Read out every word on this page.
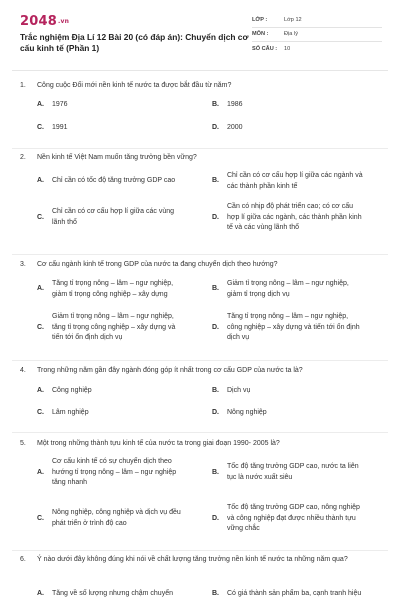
2048.vn
Trắc nghiệm Địa Lí 12 Bài 20 (có đáp án): Chuyển dịch cơ cấu kinh tế (Phần 1)
LỚP :	Lớp 12
MÔN :	Địa lý
SỐ CÂU :	10
1.	Công cuộc Đổi mới nền kinh tế nước ta được bắt đầu từ năm?
A. 1976	B. 1986
C. 1991	D. 2000
2.	Nền kinh tế Việt Nam muốn tăng trưởng bền vững?
A. Chỉ cần có tốc độ tăng trưởng GDP cao	B.
Chỉ cần có cơ cấu hợp lí giữa các ngành và
các thành phần kinh tế
C.
Chỉ cần có cơ cấu hợp lí giữa các vùng
lãnh thổ
D.
Cần có nhịp độ phát triển cao; có cơ cấu
hợp lí giữa các ngành, các thành phần kinh
tế và các vùng lãnh thổ
3.	Cơ cấu ngành kinh tế trong GDP của nước ta đang chuyển dịch theo hướng?
A.
Tăng tỉ trọng nông – lâm – ngư nghiệp,
giảm tỉ trọng công nghiệp – xây dựng
B.
Giảm tỉ trọng nông – lâm – ngư nghiệp,
giảm tỉ trọng dịch vụ
C.
Giảm tỉ trọng nông – lâm – ngư nghiệp,
tăng tỉ trọng công nghiệp – xây dựng và
tiến tới ổn định dịch vụ
D.
Tăng tỉ trọng nông – lâm – ngư nghiệp,
công nghiệp – xây dựng và tiến tới ổn định
dịch vụ
4.	Trong những năm gần đây ngành đóng góp ít nhất trong cơ cấu GDP của nước ta là?
A. Công nghiệp	B. Dịch vụ
C. Lâm nghiệp	D. Nông nghiệp
5.	Một trong những thành tựu kinh tế của nước ta trong giai đoạn 1990- 2005 là?
A.
Cơ cấu kinh tế có sự chuyển dịch theo
hướng tỉ trọng nông – lâm – ngư nghiệp
tăng nhanh
B.
Tốc độ tăng trưởng GDP cao, nước ta liên
tục là nước xuất siêu
C.
Nông nghiệp, công nghiệp và dịch vụ đều
phát triển ở trình độ cao
D.
Tốc độ tăng trưởng GDP cao, nông nghiệp
và công nghiệp đạt được nhiều thành tựu
vững chắc
6.	Ý nào dưới đây không đúng khi nói về chất lượng tăng trưởng nền kinh tế nước ta những năm qua?
A. Tăng về số lượng nhưng chậm chuyển	B. Có giá thành sản phẩm ba, cạnh tranh hiệu
